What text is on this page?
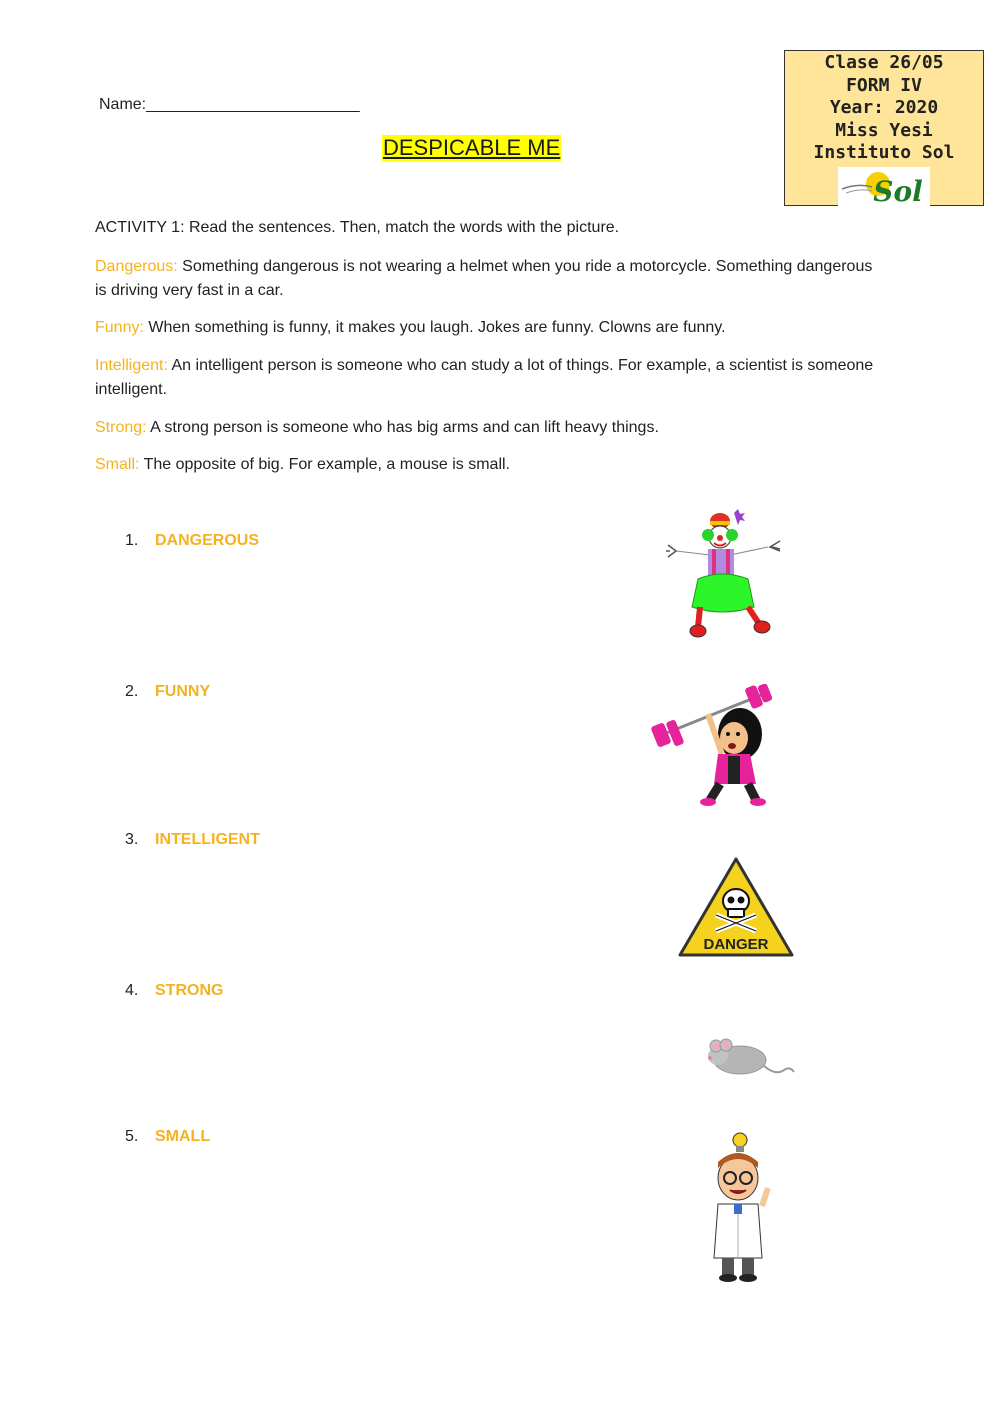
Name:________________________
DESPICABLE ME
Clase 26/05
FORM IV
Year: 2020
Miss Yesi
Instituto Sol
Sol
ACTIVITY 1: Read the sentences. Then, match the words with the picture.
Dangerous: Something dangerous is not wearing a helmet when you ride a motorcycle. Something dangerous is driving very fast in a car.
Funny: When something is funny, it makes you laugh. Jokes are funny. Clowns are funny.
Intelligent: An intelligent person is someone who can study a lot of things. For example, a scientist is someone intelligent.
Strong: A strong person is someone who has big arms and can lift heavy things.
Small: The opposite of big. For example, a mouse is small.
1. DANGEROUS
2. FUNNY
3. INTELLIGENT
4. STRONG
5. SMALL
DANGER
